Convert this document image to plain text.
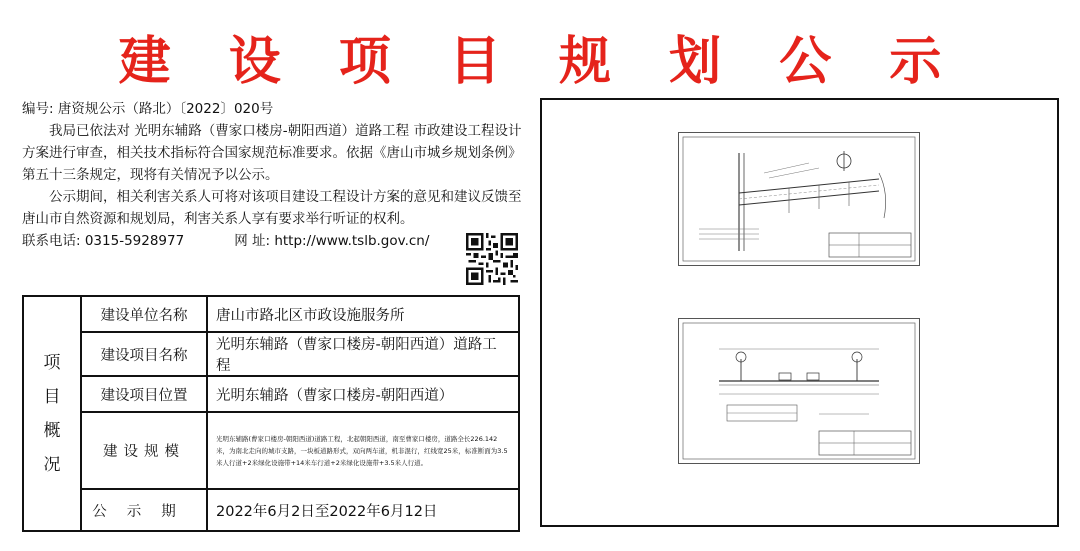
建 设 项 目 规 划 公 示

编号: 唐资规公示（路北）〔2022〕020号

我局已依法对 光明东辅路（曹家口楼房-朝阳西道）道路工程 市政建设工程设计方案进行审查，相关技术指标符合国家规范标准要求。依据《唐山市城乡规划条例》第五十三条规定，现将有关情况予以公示。

公示期间，相关利害关系人可将对该项目建设工程设计方案的意见和建议反馈至唐山市自然资源和规划局，利害关系人享有要求举行听证的权利。

联系电话: 0315-5928977	网 址: http://www.tslb.gov.cn/
项
目
概
况	建设单位名称	唐山市路北区市政设施服务所
	建设项目名称	光明东辅路（曹家口楼房-朝阳西道）道路工程
	建设项目位置	光明东辅路（曹家口楼房-朝阳西道）
	建设规模	光明东辅路(曹家口楼房-朝阳西道)道路工程，北起朝阳西道，南至曹家口楼房，道路全长226.142米，为南北走向的城市支路，一块板道路形式，双向两车道，机非混行，红线宽25米，标准断面为3.5米人行道+2米绿化设施带+14米车行道+2米绿化设施带+3.5米人行道。
	公示期	2022年6月2日至2022年6月12日
